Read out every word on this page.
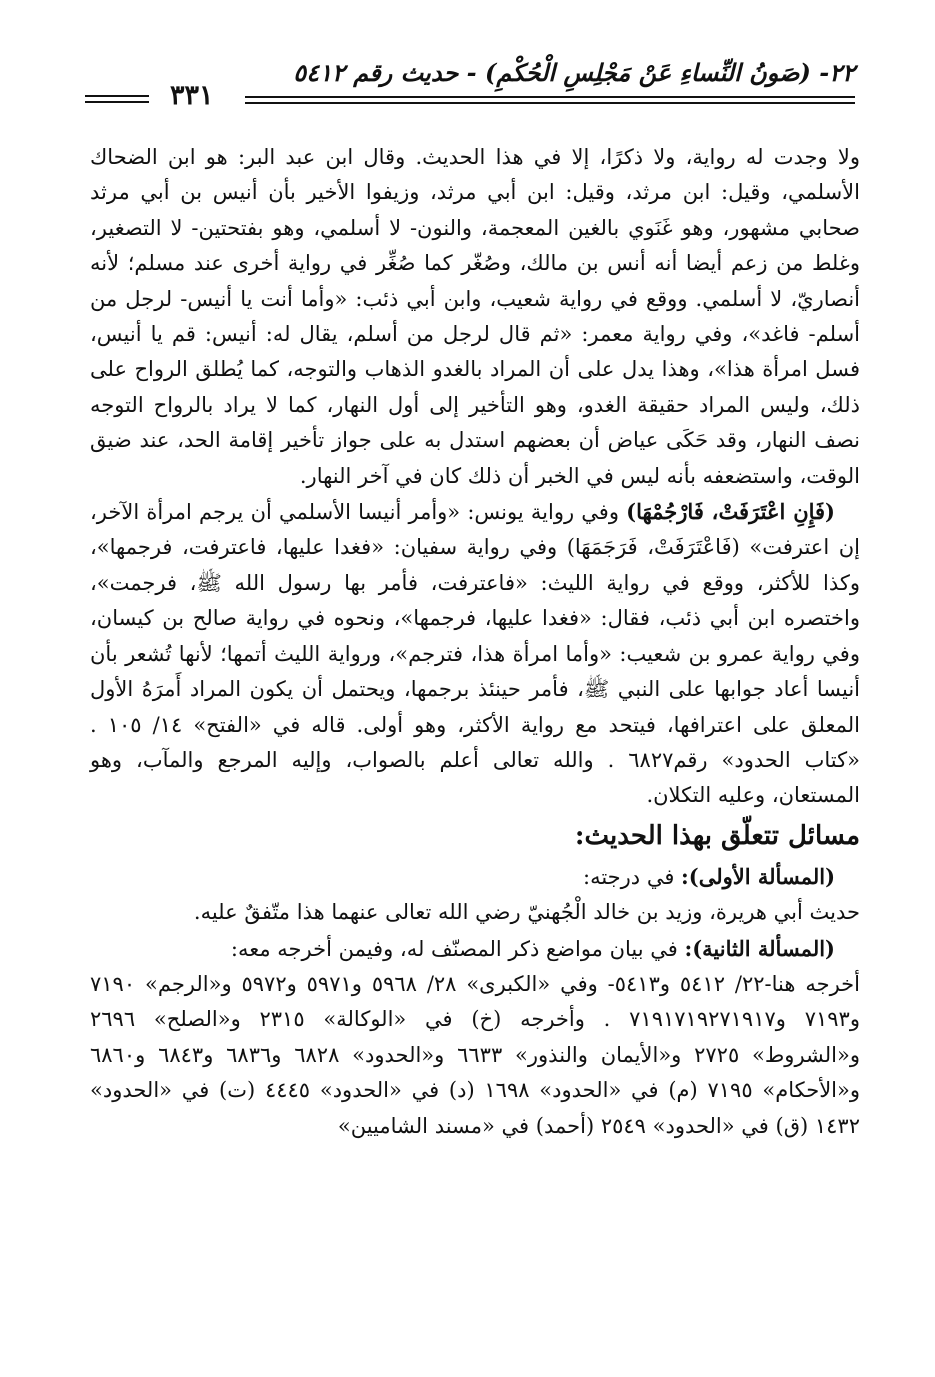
٣٣١
٢٢- (صَونُ النِّساءِ عَنْ مَجْلِسِ الْحُكْمِ) - حديث رقم ٥٤١٢

ولا وجدت له رواية، ولا ذكرًا، إلا في هذا الحديث. وقال ابن عبد البر: هو ابن الضحاك الأسلمي، وقيل: ابن مرثد، وقيل: ابن أبي مرثد، وزيفوا الأخير بأن أنيس بن أبي مرثد صحابي مشهور، وهو غَنَوي بالغين المعجمة، والنون- لا أسلمي، وهو بفتحتين- لا التصغير، وغلط من زعم أيضا أنه أنس بن مالك، وصُغّر كما صُغِّر في رواية أخرى عند مسلم؛ لأنه أنصاريّ، لا أسلمي. ووقع في رواية شعيب، وابن أبي ذئب: «وأما أنت يا أنيس- لرجل من أسلم- فاغد»، وفي رواية معمر: «ثم قال لرجل من أسلم، يقال له: أنيس: قم يا أنيس، فسل امرأة هذا»، وهذا يدل على أن المراد بالغدو الذهاب والتوجه، كما يُطلق الرواح على ذلك، وليس المراد حقيقة الغدو، وهو التأخير إلى أول النهار، كما لا يراد بالرواح التوجه نصف النهار، وقد حَكَى عياض أن بعضهم استدل به على جواز تأخير إقامة الحد، عند ضيق الوقت، واستضعفه بأنه ليس في الخبر أن ذلك كان في آخر النهار.

(فَإِنِ اعْتَرَفَتْ، فَارْجُمْهَا) وفي رواية يونس: «وأمر أنيسا الأسلمي أن يرجم امرأة الآخر، إن اعترفت» (فَاعْتَرَفَتْ، فَرَجَمَهَا) وفي رواية سفيان: «فغدا عليها، فاعترفت، فرجمها»، وكذا للأكثر، ووقع في رواية الليث: «فاعترفت، فأمر بها رسول الله ﷺ، فرجمت»، واختصره ابن أبي ذئب، فقال: «فغدا عليها، فرجمها»، ونحوه في رواية صالح بن كيسان، وفي رواية عمرو بن شعيب: «وأما امرأة هذا، فترجم»، ورواية الليث أتمها؛ لأنها تُشعر بأن أنيسا أعاد جوابها على النبي ﷺ، فأمر حينئذ برجمها، ويحتمل أن يكون المراد أَمرَهُ الأول المعلق على اعترافها، فيتحد مع رواية الأكثر، وهو أولى. قاله في «الفتح» ١٤/ ١٠٥ . «كتاب الحدود» رقم٦٨٢٧ . والله تعالى أعلم بالصواب، وإليه المرجع والمآب، وهو المستعان، وعليه التكلان.

مسائل تتعلّق بهذا الحديث:

(المسألة الأولى): في درجته:

حديث أبي هريرة، وزيد بن خالد الْجُهنيّ رضي الله تعالى عنهما هذا متّفقٌ عليه.

(المسألة الثانية): في بيان مواضع ذكر المصنّف له، وفيمن أخرجه معه:

أخرجه هنا-٢٢/ ٥٤١٢ و٥٤١٣- وفي «الكبرى» ٢٨/ ٥٩٦٨ و٥٩٧١ و٥٩٧٢ و«الرجم» ٧١٩٠ و٧١٩٣ و٧١٩١٧١٩٢٧١٩١٧ . وأخرجه (خ) في «الوكالة» ٢٣١٥ و«الصلح» ٢٦٩٦ و«الشروط» ٢٧٢٥ و«الأيمان والنذور» ٦٦٣٣ و«الحدود» ٦٨٢٨ و٦٨٣٦ و٦٨٤٣ و٦٨٦٠ و«الأحكام» ٧١٩٥ (م) في «الحدود» ١٦٩٨ (د) في «الحدود» ٤٤٤٥ (ت) في «الحدود» ١٤٣٢ (ق) في «الحدود» ٢٥٤٩ (أحمد) في «مسند الشاميين»
